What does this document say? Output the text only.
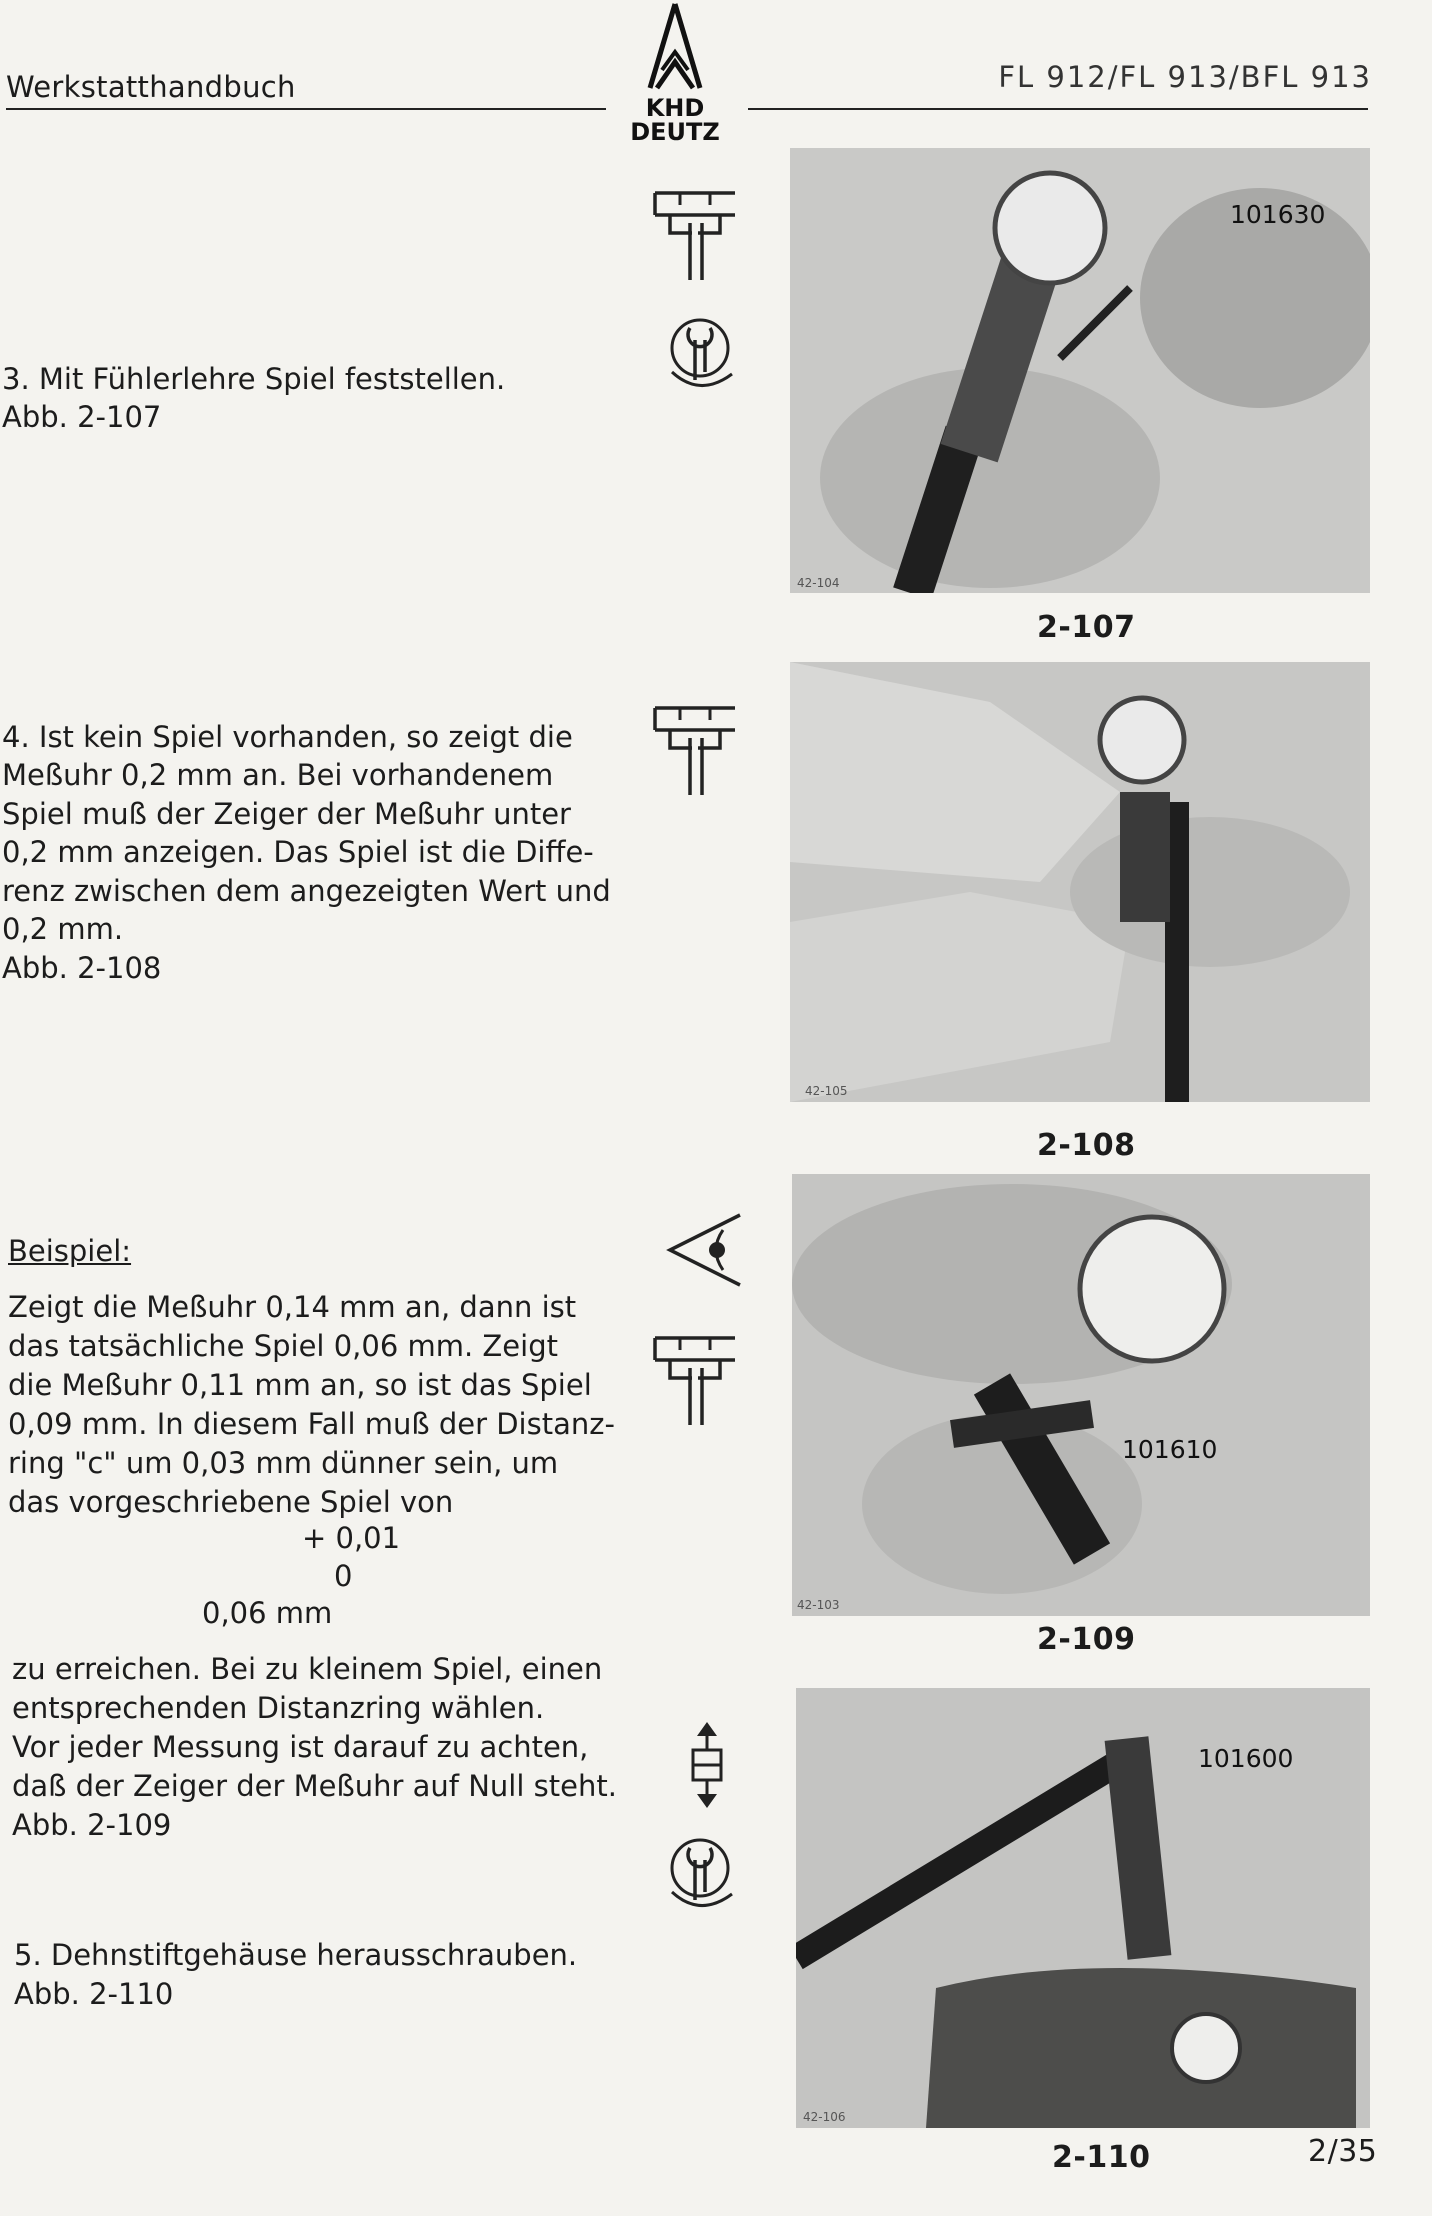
Werkstatthandbuch	FL 912/FL 913/BFL 913
KHD
DEUTZ
3. Mit Fühlerlehre Spiel feststellen.
Abb. 2-107
4. Ist kein Spiel vorhanden, so zeigt die
Meßuhr 0,2 mm an. Bei vorhandenem
Spiel muß der Zeiger der Meßuhr unter
0,2 mm anzeigen. Das Spiel ist die Diffe-
renz zwischen dem angezeigten Wert und
0,2 mm.
Abb. 2-108
Beispiel:
Zeigt die Meßuhr 0,14 mm an, dann ist
das tatsächliche Spiel 0,06 mm. Zeigt
die Meßuhr 0,11 mm an, so ist das Spiel
0,09 mm. In diesem Fall muß der Distanz-
ring "c" um 0,03 mm dünner sein, um
das vorgeschriebene Spiel von
+ 0,01
0
0,06 mm
zu erreichen. Bei zu kleinem Spiel, einen
entsprechenden Distanzring wählen.
Vor jeder Messung ist darauf zu achten,
daß der Zeiger der Meßuhr auf Null steht.
Abb. 2-109
5. Dehnstiftgehäuse herausschrauben.
Abb. 2-110
42-104
101630
2-107
42-105
2-108
42-103
101610
2-109
42-106
101600
2-110	2/35
